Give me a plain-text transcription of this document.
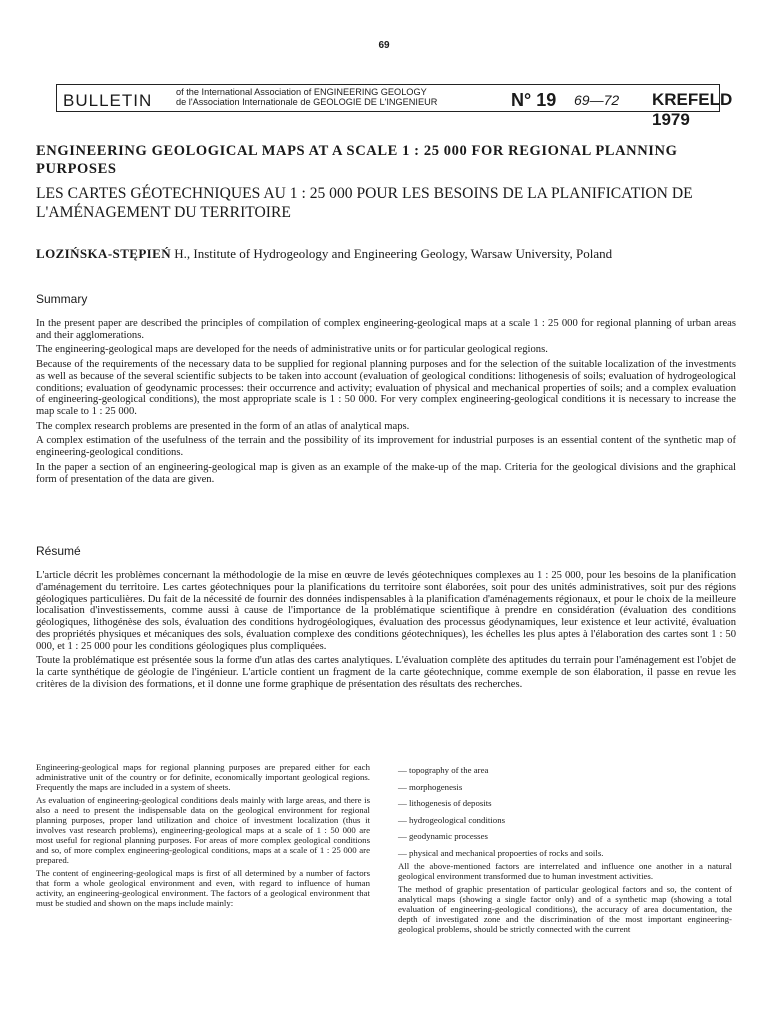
69
BULLETIN	of the International Association of ENGINEERING GEOLOGY
de l'Association Internationale de GEOLOGIE DE L'INGENIEUR	N° 19 69—72 KREFELD 1979
ENGINEERING GEOLOGICAL MAPS AT A SCALE 1 : 25 000 FOR REGIONAL PLANNING PURPOSES
LES CARTES GÉOTECHNIQUES AU 1 : 25 000 POUR LES BESOINS DE LA PLANIFICATION DE L'AMÉNAGEMENT DU TERRITOIRE
LOZIŃSKA-STĘPIEŃ H., Institute of Hydrogeology and Engineering Geology, Warsaw University, Poland
Summary

In the present paper are described the principles of compilation of complex engineering-geological maps at a scale 1 : 25 000 for regional planning of urban areas and their agglomerations.

The engineering-geological maps are developed for the needs of administrative units or for particular geological regions.

Because of the requirements of the necessary data to be supplied for regional planning purposes and for the selection of the suitable localization of the investments as well as because of the several scientific subjects to be taken into account (evaluation of geological conditions: lithogenesis of soils; evaluation of hydrogeological conditions; evaluation of geodynamic processes: their occurrence and activity; evaluation of physical and mechanical properties of soils; and a complex evaluation of engineering-geological conditions), the most appropriate scale is 1 : 50 000. For very complex engineering-geological conditions it is necessary to increase the map scale to 1 : 25 000.

The complex research problems are presented in the form of an atlas of analytical maps.

A complex estimation of the usefulness of the terrain and the possibility of its improvement for industrial purposes is an essential content of the synthetic map of engineering-geological conditions.

In the paper a section of an engineering-geological map is given as an example of the make-up of the map. Criteria for the geological divisions and the graphical form of presentation of the data are given.

Résumé

L'article décrit les problèmes concernant la méthodologie de la mise en œuvre de levés géotechniques complexes au 1 : 25 000, pour les besoins de la planification d'aménagement du territoire. Les cartes géotechniques pour la planifications du territoire sont élaborées, soit pour des unités administratives, soit pur des régions géologiques particulières. Du fait de la nécessité de fournir des données indispensables à la planification d'aménagements régionaux, et pour le choix de la meilleure localisation d'investissements, comme aussi à cause de l'importance de la problématique scientifique à prendre en considération (évaluation des conditions géologiques, lithogénèse des sols, évaluation des conditions hydrogéologiques, évaluation des processus géodynamiques, leur existence et leur activité, évaluation des propriétés physiques et mécaniques des sols, évaluation complexe des conditions géotechniques), les échelles les plus aptes à l'élaboration des cartes sont 1 : 50 000, et 1 : 25 000 pour les conditions géologiques plus compliquées.

Toute la problématique est présentée sous la forme d'un atlas des cartes analytiques. L'évaluation complète des aptitudes du terrain pour l'aménagement est l'objet de la carte synthétique de géologie de l'ingénieur. L'article contient un fragment de la carte géotechnique, comme exemple de son élaboration, il passe en revue les critères de la division des formations, et il donne une forme graphique de présentation des résultats des recherches.

Engineering-geological maps for regional planning purposes are prepared either for each administrative unit of the country or for definite, economically important geological regions. Frequently the maps are included in a system of sheets.

As evaluation of engineering-geological conditions deals mainly with large areas, and there is also a need to present the indispensable data on the geological environment for regional planning purposes, proper land utilization and choice of investment localization (thus it involves vast research problems), engineering-geological maps at a scale of 1 : 50 000 are most useful for regional planning purposes. For areas of more complex geological conditions and so, of more complex engineering-geological conditions, maps at a scale of 1 : 25 000 are prepared.

The content of engineering-geological maps is first of all determined by a number of factors that form a whole geological environment and even, with regard to influence of human activity, an engineering-geological environment. The factors of a geological environment that must be studied and shown on the maps include mainly:

— topography of the area
— morphogenesis
— lithogenesis of deposits
— hydrogeological conditions
— geodynamic processes
— physical and mechanical propoerties of rocks and soils.

All the above-mentioned factors are interrelated and influence one another in a natural geological environment transformed due to human investment activities.

The method of graphic presentation of particular geological factors and so, the content of analytical maps (showing a single factor only) and of a synthetic map (showing a total evaluation of engineering-geological conditions), the accuracy of area documentation, the depth of investigated zone and the discrimination of the most important engineering-geological problems, should be strictly connected with the current
